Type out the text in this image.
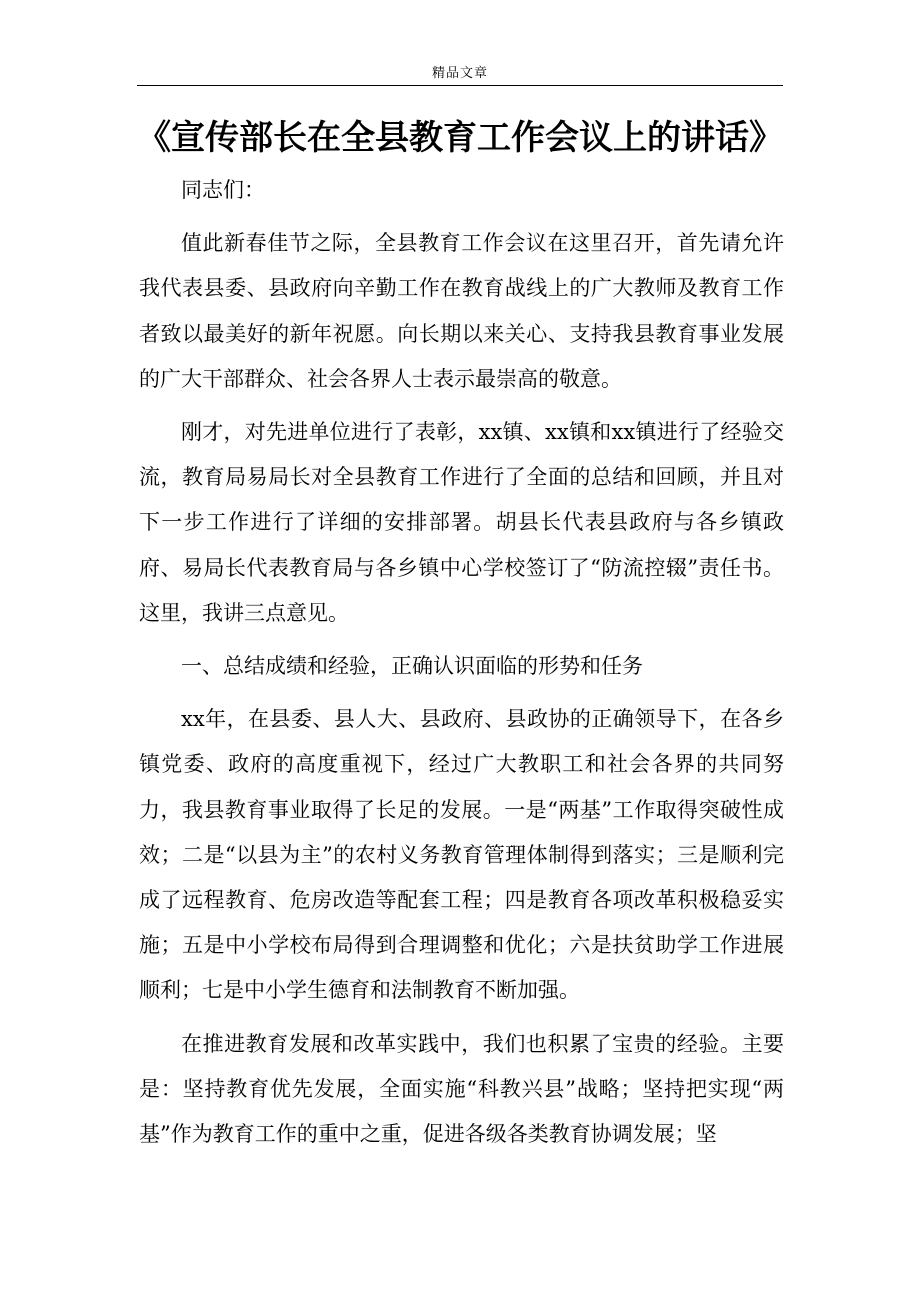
精品文章
《宣传部长在全县教育工作会议上的讲话》

同志们：

值此新春佳节之际，全县教育工作会议在这里召开，首先请允许我代表县委、县政府向辛勤工作在教育战线上的广大教师及教育工作者致以最美好的新年祝愿。向长期以来关心、支持我县教育事业发展的广大干部群众、社会各界人士表示最崇高的敬意。

刚才，对先进单位进行了表彰，xx镇、xx镇和xx镇进行了经验交流，教育局易局长对全县教育工作进行了全面的总结和回顾，并且对下一步工作进行了详细的安排部署。胡县长代表县政府与各乡镇政府、易局长代表教育局与各乡镇中心学校签订了“防流控辍”责任书。这里，我讲三点意见。

一、总结成绩和经验，正确认识面临的形势和任务

xx年，在县委、县人大、县政府、县政协的正确领导下，在各乡镇党委、政府的高度重视下，经过广大教职工和社会各界的共同努力，我县教育事业取得了长足的发展。一是“两基”工作取得突破性成效；二是“以县为主”的农村义务教育管理体制得到落实；三是顺利完成了远程教育、危房改造等配套工程；四是教育各项改革积极稳妥实施；五是中小学校布局得到合理调整和优化；六是扶贫助学工作进展顺利；七是中小学生德育和法制教育不断加强。

在推进教育发展和改革实践中，我们也积累了宝贵的经验。主要是：坚持教育优先发展，全面实施“科教兴县”战略；坚持把实现“两基”作为教育工作的重中之重，促进各级各类教育协调发展；坚
